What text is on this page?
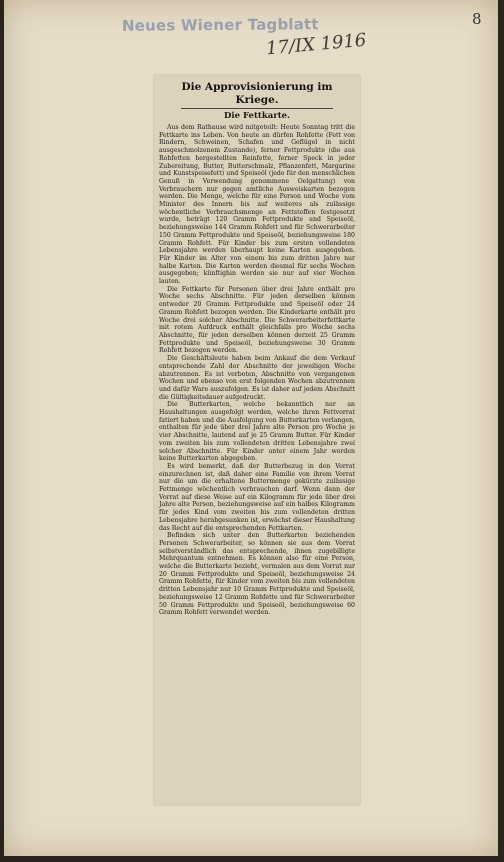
Neues Wiener Tagblatt
17/IX 1916
8
Die Approvisionierung im Kriege.
Die Fettkarte.

Aus dem Rathause wird mitgeteilt: Heute Sonntag tritt die Fettkarte ins Leben. Von heute an dürfen Rohfette (Fett von Rindern, Schweinen, Schafen und Geflügel in nicht ausgeschmolzenem Zustande), ferner Fettprodukte (die aus Rohfetten hergestellten Reinfette, ferner Speck in jeder Zubereitung, Butter, Butterschmalz, Pflanzenfett, Margarine und Kunstspeisefett) und Speiseöl (jede für den menschlichen Genuß in Verwendung genommene Oelgattung) von Verbrauchern nur gegen amtliche Ausweiskarten bezogen werden. Die Menge, welche für eine Person und Woche vom Minister des Innern bis auf weiteres als zulässige wöchentliche Verbrauchsmenge an Fettstoffen festgesetzt wurde, beträgt 120 Gramm Fettprodukte und Speiseöl, beziehungsweise 144 Gramm Rohfett und für Schwerarbeiter 150 Gramm Fettprodukte und Speiseöl, beziehungsweise 180 Gramm Rohfett. Für Kinder bis zum ersten vollendeten Lebensjahre werden überhaupt keine Karten ausgegeben. Für Kinder im Alter von einem bis zum dritten Jahre nur halbe Karten. Die Karten werden diesmal für sechs Wochen ausgegeben; künftighin werden sie nur auf vier Wochen lauten.

Die Fettkarte für Personen über drei Jahre enthält pro Woche sechs Abschnitte. Für jeden derselben können entweder 20 Gramm Fettprodukte und Speiseöl oder 24 Gramm Rohfett bezogen werden. Die Kinderkarte enthält pro Woche drei solcher Abschnitte. Die Schwerarbeiterfettkarte mit rotem Aufdruck enthält gleichfalls pro Woche sechs Abschnitte, für jeden derselben können derzeit 25 Gramm Fettprodukte und Speiseöl, beziehungsweise 30 Gramm Rohfett bezogen werden.

Die Geschäftsleute haben beim Ankauf die dem Verkauf entsprechende Zahl der Abschnitte der jeweiligen Woche abzutrennen. Es ist verboten, Abschnitte von vergangenen Wochen und ebenso von erst folgenden Wochen abzutrennen und dafür Ware auszufolgen. Es ist daher auf jedem Abschnitt die Gültigkeitsdauer aufgedruckt.

Die Butterkarten, welche bekanntlich nur an Haushaltungen ausgefolgt werden, welche ihren Fettvorrat fatiert haben und die Ausfolgung von Butterkarten verlangen, enthalten für jede über drei Jahre alte Person pro Woche je vier Abschnitte, lautend auf je 25 Gramm Butter. Für Kinder vom zweiten bis zum vollendeten dritten Lebensjahre zwei solcher Abschnitte. Für Kinder unter einem Jahr werden keine Butterkarten abgegeben.

Es wird bemerkt, daß der Butterbezug in den Vorrat einzurechnen ist, daß daher eine Familie von ihrem Vorrat nur die um die erhaltene Buttermenge gekürzte zulässige Fettmenge wöchentlich verbrauchen darf. Wenn dann der Vorrat auf diese Weise auf ein Kilogramm für jede über drei Jahre alte Person, beziehungsweise auf ein halbes Kilogramm für jedes Kind vom zweiten bis zum vollendeten dritten Lebensjahre herabgesunken ist, erwächst dieser Haushaltung das Recht auf die entsprechenden Fettkarten.

Befinden sich unter den Butterkarten beziehenden Personen Schwerarbeiter, so können sie aus dem Vorrat selbstverständlich das entsprechende, ihnen zugebilligte Mehrquantum entnehmen. Es können also für eine Person, welche die Butterkarte bezieht, vermalen aus dem Vorrat nur 20 Gramm Fettprodukte und Speiseöl, beziehungsweise 24 Gramm Rohfette, für Kinder vom zweiten bis zum vollendeten dritten Lebensjahr nur 10 Gramm Fettprodukte und Speiseöl, beziehungsweise 12 Gramm Rohfette und für Schwerarbeiter 50 Gramm Fettprodukte und Speiseöl, beziehungsweise 60 Gramm Rohfett verwendet werden.
